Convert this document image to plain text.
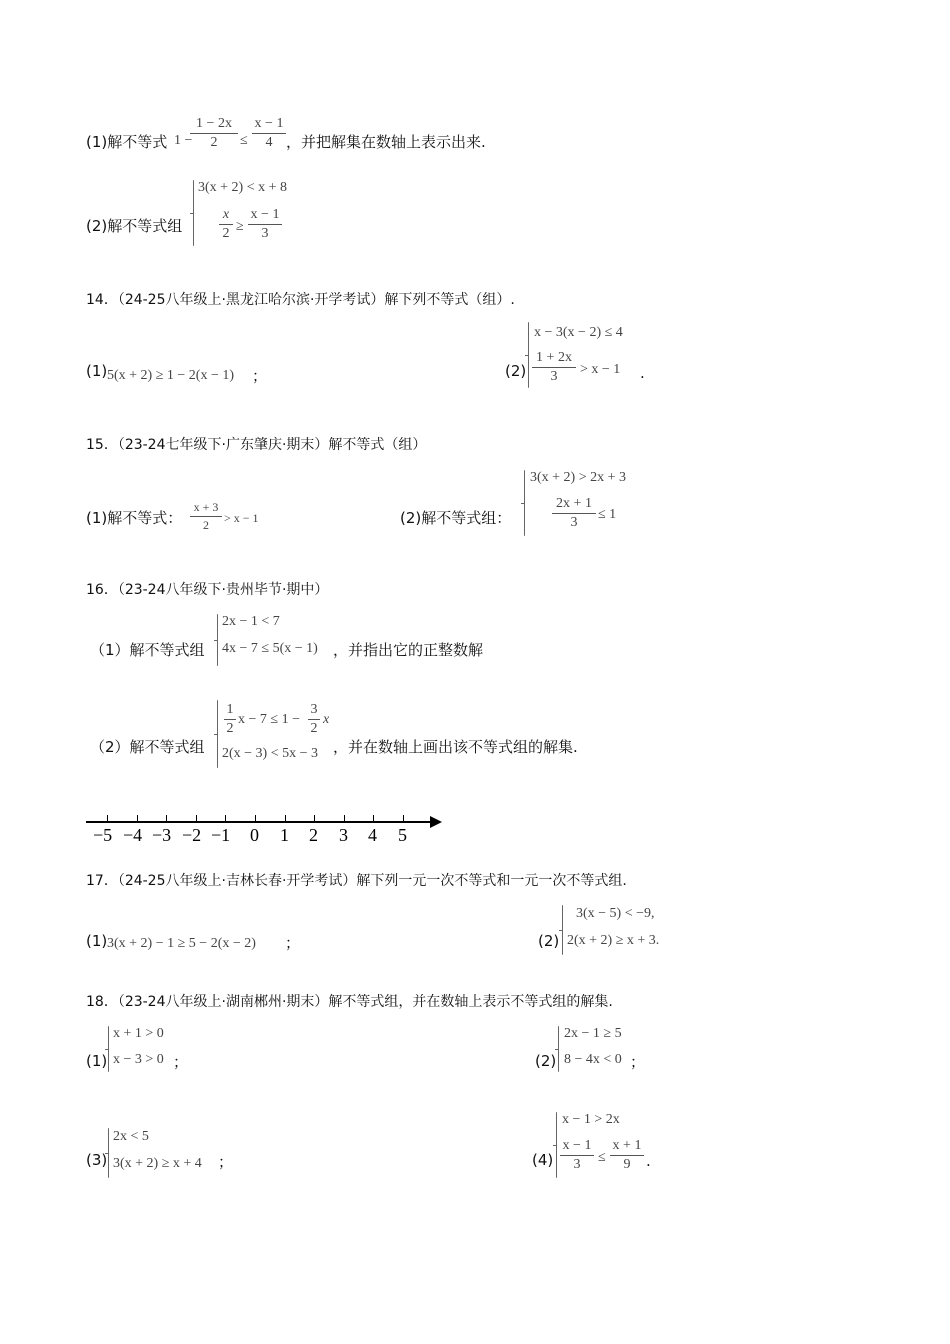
(1)解不等式 1 −
1 − 2x
2	≤
x − 1
4 ，并把解集在数轴上表示出来.
(2)解不等式组
3(x + 2) < x + 8
x
2 ≥
x − 1
3
14．（24-25八年级上·黑龙江哈尔滨·开学考试）解下列不等式（组）.
(1) 5(x + 2) ≥ 1 − 2(x − 1) ；	(2)
x − 3(x − 2) ≤ 4
1 + 2x
3	> x − 1 .
15．（23-24七年级下·广东肇庆·期末）解不等式（组）
(1)解不等式：
x + 3
2	> x − 1	(2)解不等式组：
3(x + 2) > 2x + 3
2x + 1
3
≤ 1
16．（23-24八年级下·贵州毕节·期中）
（1）解不等式组
2x − 1 < 7
4x − 7 ≤ 5(x − 1) ，并指出它的正整数解
（2）解不等式组
1
2
x − 7 ≤ 1 −
3
2
x
2(x − 3) < 5x − 3 ，并在数轴上画出该不等式组的解集.
−5 −4 −3 −2 −1 0 1 2 3 4 5
17．（24-25八年级上·吉林长春·开学考试）解下列一元一次不等式和一元一次不等式组.
(1) 3(x + 2) − 1 ≥ 5 − 2(x − 2) ；	(2)
3(x − 5) < −9,
2(x + 2) ≥ x + 3.
18．（23-24八年级上·湖南郴州·期末）解不等式组，并在数轴上表示不等式组的解集.
(1)
x + 1 > 0
x − 3 > 0 ；	(2)
2x − 1 ≥ 5
8 − 4x < 0 ；
(3)
2x < 5
3(x + 2) ≥ x + 4 ；	(4)
x − 1 > 2x
x − 1
3	≤
x + 1
9	.
